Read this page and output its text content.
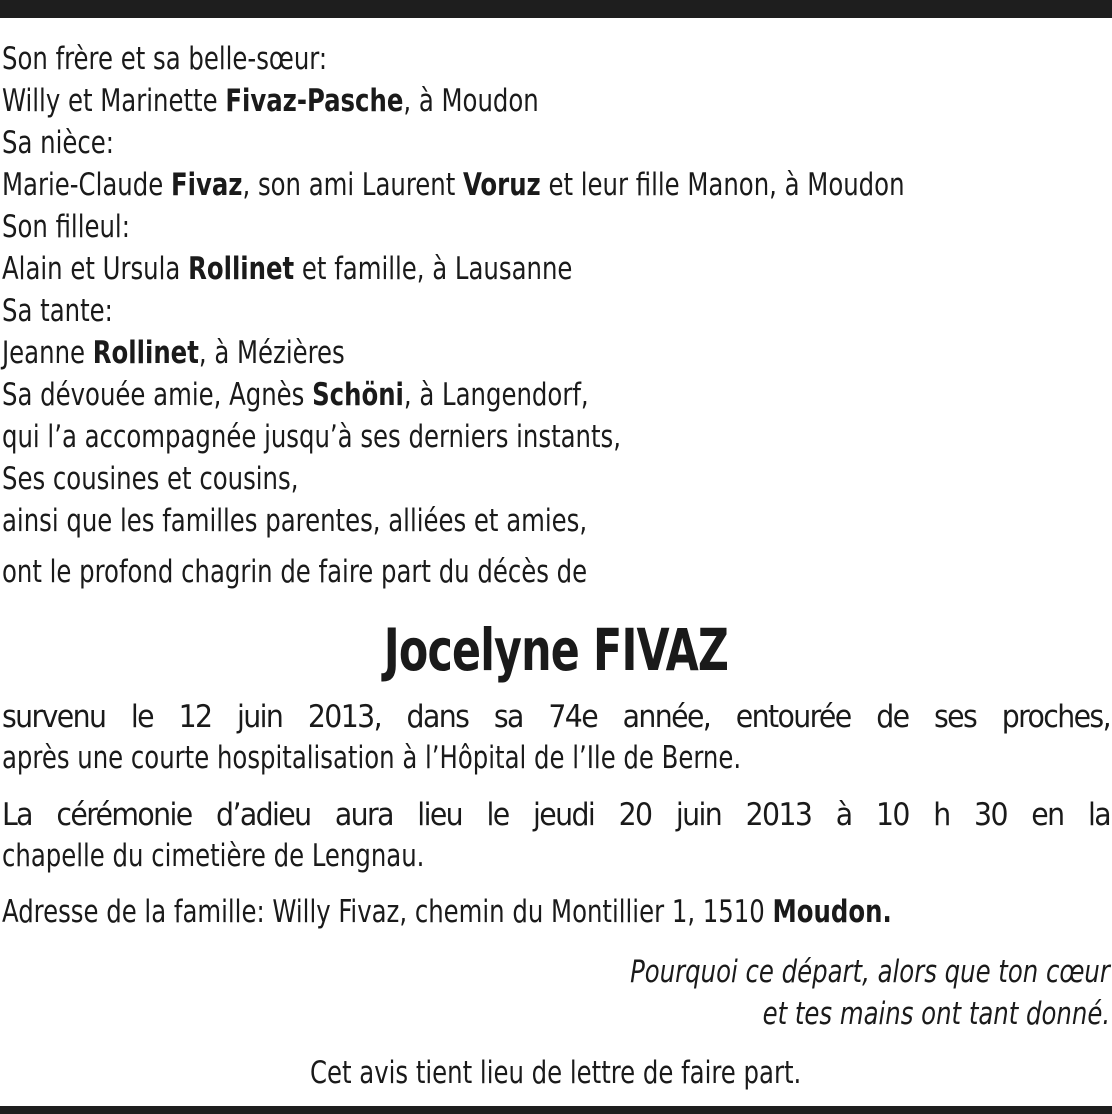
Son frère et sa belle-sœur:
Willy et Marinette Fivaz-Pasche, à Moudon
Sa nièce:
Marie-Claude Fivaz, son ami Laurent Voruz et leur fille Manon, à Moudon
Son filleul:
Alain et Ursula Rollinet et famille, à Lausanne
Sa tante:
Jeanne Rollinet, à Mézières
Sa dévouée amie, Agnès Schöni, à Langendorf,
qui l’a accompagnée jusqu’à ses derniers instants,
Ses cousines et cousins,
ainsi que les familles parentes, alliées et amies,
ont le profond chagrin de faire part du décès de
Jocelyne FIVAZ
survenu le 12 juin 2013, dans sa 74e année, entourée de ses proches,
après une courte hospitalisation à l’Hôpital de l’Ile de Berne.
La cérémonie d’adieu aura lieu le jeudi 20 juin 2013 à 10 h 30 en la
chapelle du cimetière de Lengnau.
Adresse de la famille: Willy Fivaz, chemin du Montillier 1, 1510 Moudon.
Pourquoi ce départ, alors que ton cœur
et tes mains ont tant donné.
Cet avis tient lieu de lettre de faire part.
